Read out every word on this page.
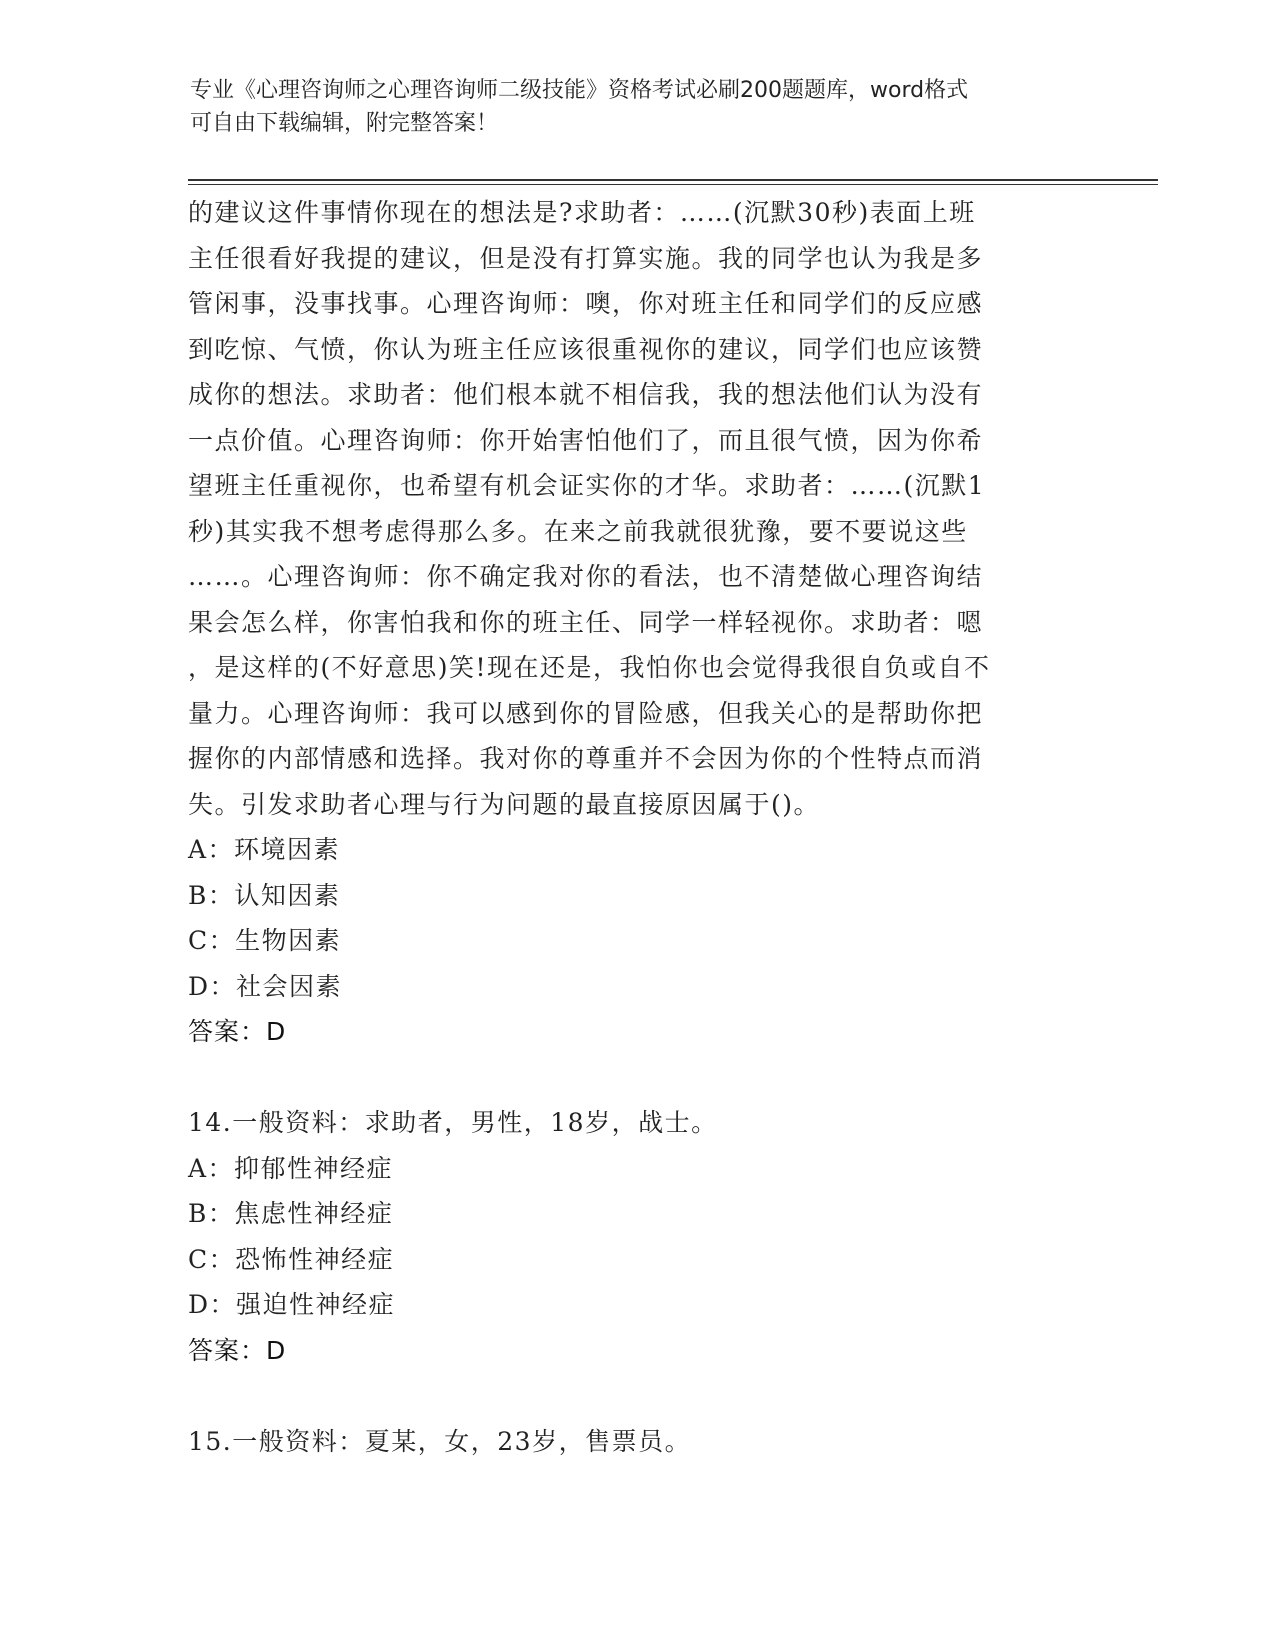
专业《心理咨询师之心理咨询师二级技能》资格考试必刷200题题库，word格式
可自由下载编辑，附完整答案！
的建议这件事情你现在的想法是?求助者：……(沉默30秒)表面上班
主任很看好我提的建议，但是没有打算实施。我的同学也认为我是多
管闲事，没事找事。心理咨询师：噢，你对班主任和同学们的反应感
到吃惊、气愤，你认为班主任应该很重视你的建议，同学们也应该赞
成你的想法。求助者：他们根本就不相信我，我的想法他们认为没有
一点价值。心理咨询师：你开始害怕他们了，而且很气愤，因为你希
望班主任重视你，也希望有机会证实你的才华。求助者：……(沉默1
秒)其实我不想考虑得那么多。在来之前我就很犹豫，要不要说这些
……。心理咨询师：你不确定我对你的看法，也不清楚做心理咨询结
果会怎么样，你害怕我和你的班主任、同学一样轻视你。求助者：嗯
，是这样的(不好意思)笑!现在还是，我怕你也会觉得我很自负或自不
量力。心理咨询师：我可以感到你的冒险感，但我关心的是帮助你把
握你的内部情感和选择。我对你的尊重并不会因为你的个性特点而消
失。引发求助者心理与行为问题的最直接原因属于()。
A：环境因素
B：认知因素
C：生物因素
D：社会因素
答案：D
14.一般资料：求助者，男性，18岁，战士。
A：抑郁性神经症
B：焦虑性神经症
C：恐怖性神经症
D：强迫性神经症
答案：D
15.一般资料：夏某，女，23岁，售票员。
